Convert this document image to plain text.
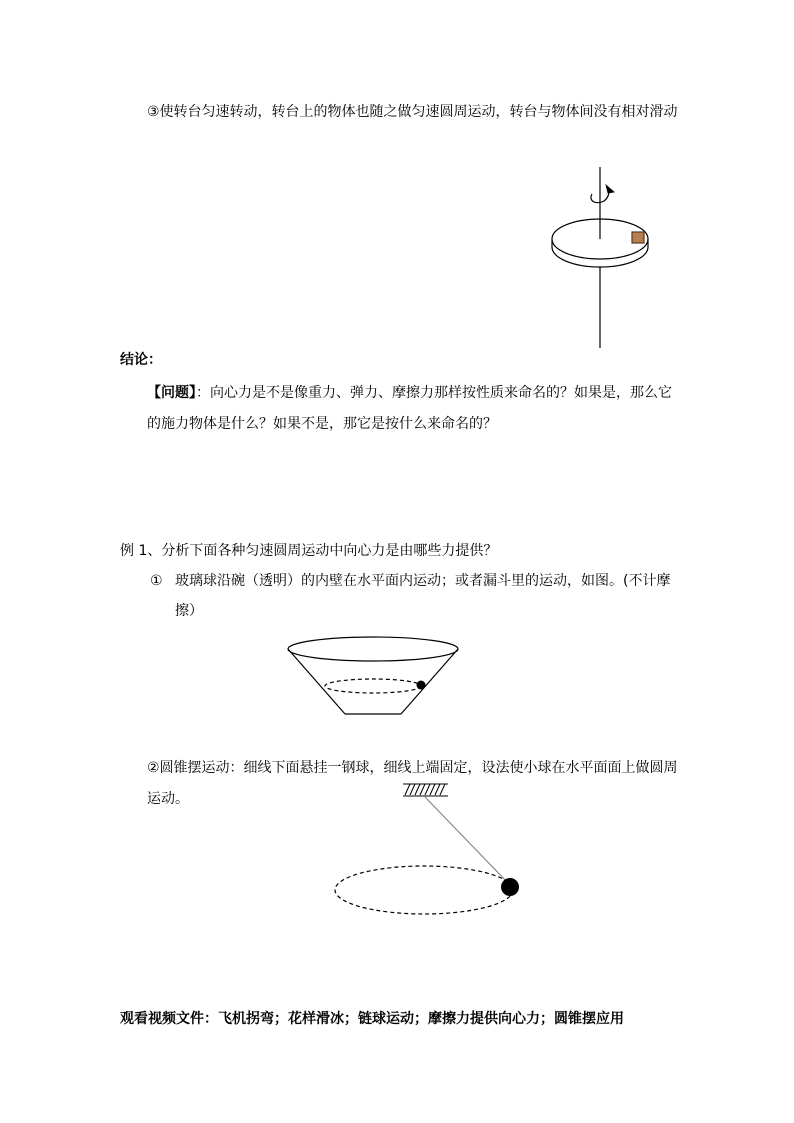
③使转台匀速转动，转台上的物体也随之做匀速圆周运动，转台与物体间没有相对滑动
结论：
【问题】：向心力是不是像重力、弹力、摩擦力那样按性质来命名的？如果是，那么它
的施力物体是什么？如果不是，那它是按什么来命名的？
例 1、分析下面各种匀速圆周运动中向心力是由哪些力提供？
① 玻璃球沿碗（透明）的内壁在水平面内运动；或者漏斗里的运动，如图。(不计摩
擦）
②圆锥摆运动：细线下面悬挂一钢球，细线上端固定，设法使小球在水平面面上做圆周
运动。
观看视频文件：飞机拐弯；花样滑冰；链球运动；摩擦力提供向心力；圆锥摆应用
